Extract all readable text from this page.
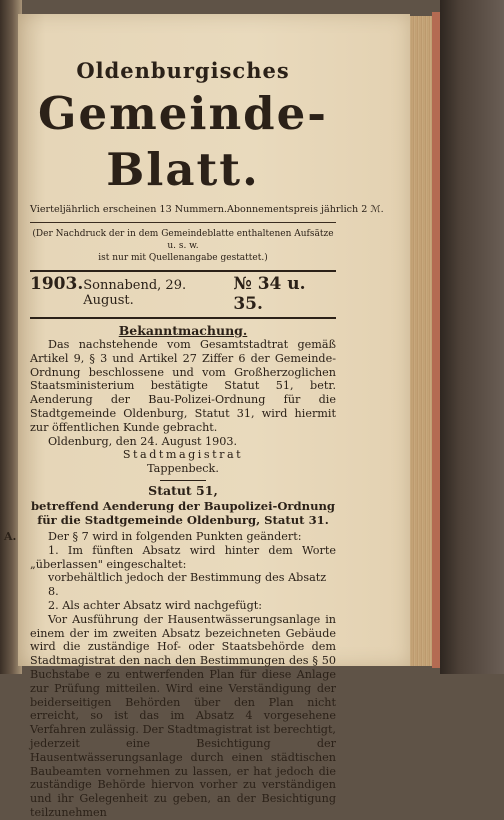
Oldenburgisches
Gemeinde-Blatt.
Vierteljährlich erscheinen 13 Nummern. Abonnementspreis jährlich 2 ℳ.
(Der Nachdruck der in dem Gemeindeblatte enthaltenen Aufsätze u. s. w.
ist nur mit Quellenangabe gestattet.)
1903. Sonnabend, 29. August.
№ 34 u. 35.
Bekanntmachung.

Das nachstehende vom Gesamtstadtrat gemäß Artikel 9, § 3 und Artikel 27 Ziffer 6 der Gemeinde-Ordnung beschlossene und vom Großherzoglichen Staatsministerium bestätigte Statut 51, betr. Aenderung der Bau-Polizei-Ordnung für die Stadtgemeinde Oldenburg, Statut 31, wird hiermit zur öffentlichen Kunde gebracht.

Oldenburg, den 24. August 1903.

Stadtmagistrat

Tappenbeck.

Statut 51,

betreffend Aenderung der Baupolizei-Ordnung für die Stadtgemeinde Oldenburg, Statut 31.

A.	Der § 7 wird in folgenden Punkten geändert:

1. Im fünften Absatz wird hinter dem Worte „überlassen" eingeschaltet:

vorbehältlich jedoch der Bestimmung des Absatz 8.

2. Als achter Absatz wird nachgefügt:

Vor Ausführung der Hausentwässerungsanlage in einem der im zweiten Absatz bezeichneten Gebäude wird die zuständige Hof- oder Staatsbehörde dem Stadtmagistrat den nach den Bestimmungen des § 50 Buchstabe e zu entwerfenden Plan für diese Anlage zur Prüfung mitteilen. Wird eine Verständigung der beiderseitigen Behörden über den Plan nicht erreicht, so ist das im Absatz 4 vorgesehene Verfahren zulässig. Der Stadtmagistrat ist berechtigt, jederzeit eine Besichtigung der Hausentwässerungsanlage durch einen städtischen Baubeamten vornehmen zu lassen, er hat jedoch die zuständige Behörde hiervon vorher zu verständigen und ihr Gelegenheit zu geben, an der Besichtigung teilzunehmen
